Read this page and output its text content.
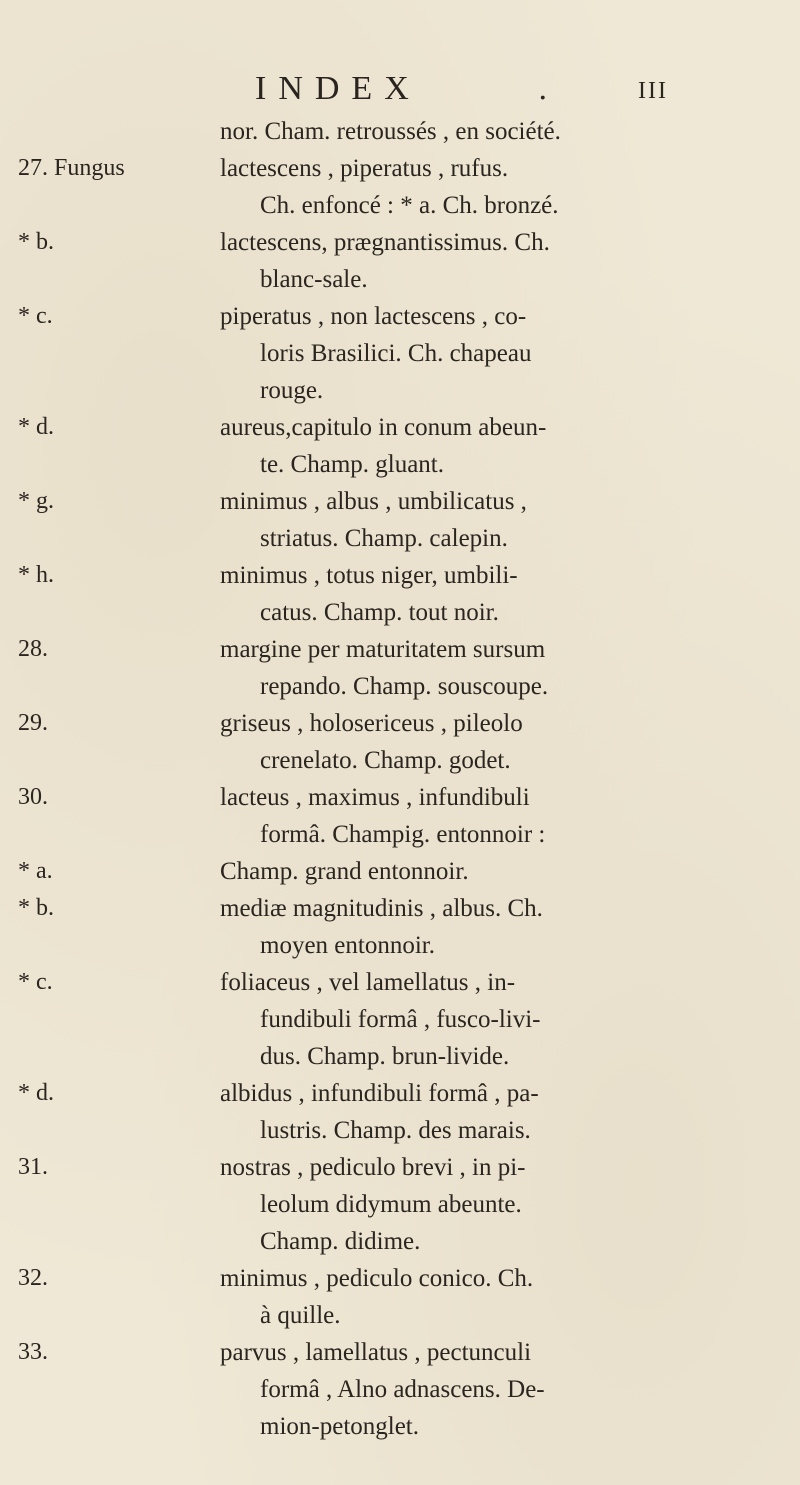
INDEX	.	III
nor. Cham. retroussés , en société.
27. Fungus	lactescens , piperatus , rufus.
Ch. enfoncé : * a. Ch. bronzé.
* b.	lactescens, prægnantissimus. Ch.
blanc-sale.
* c.	piperatus , non lactescens , co-
loris Brasilici. Ch. chapeau
rouge.
* d.	aureus,capitulo in conum abeun-
te. Champ. gluant.
* g.	minimus , albus , umbilicatus ,
striatus. Champ. calepin.
* h.	minimus , totus niger, umbili-
catus. Champ. tout noir.
28.	margine per maturitatem sursum
repando. Champ. souscoupe.
29.	griseus , holosericeus , pileolo
crenelato. Champ. godet.
30.	lacteus , maximus , infundibuli
formâ. Champig. entonnoir :
* a.	Champ. grand entonnoir.
* b.	mediæ magnitudinis , albus. Ch.
moyen entonnoir.
* c.	foliaceus , vel lamellatus , in-
fundibuli formâ , fusco-livi-
dus. Champ. brun-livide.
* d.	albidus , infundibuli formâ , pa-
lustris. Champ. des marais.
31.	nostras , pediculo brevi , in pi-
leolum didymum abeunte.
Champ. didime.
32.	minimus , pediculo conico. Ch.
à quille.
33.	parvus , lamellatus , pectunculi
formâ , Alno adnascens. De-
mion-petonglet.
